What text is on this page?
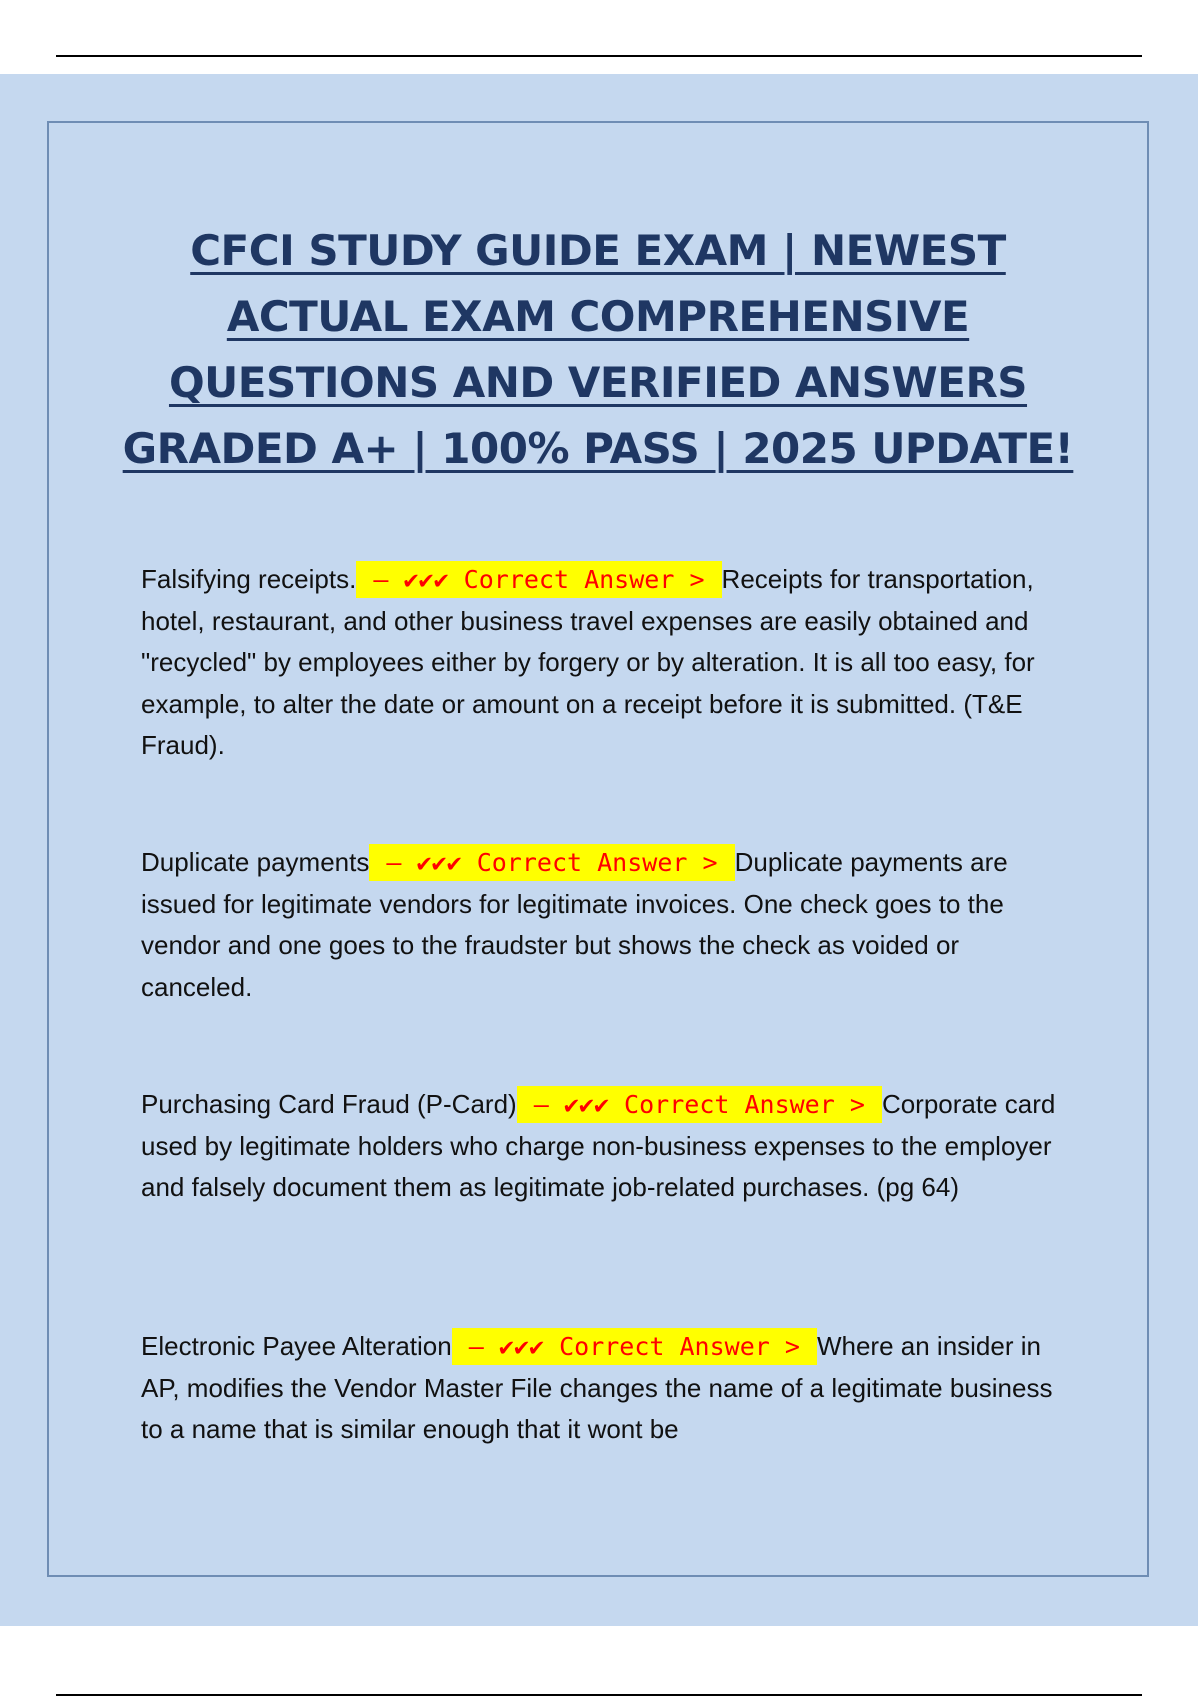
CFCI STUDY GUIDE EXAM | NEWEST ACTUAL EXAM COMPREHENSIVE QUESTIONS AND VERIFIED ANSWERS GRADED A+ | 100% PASS | 2025 UPDATE!

Falsifying receipts. – ✔✔✔ Correct Answer > Receipts for transportation, hotel, restaurant, and other business travel expenses are easily obtained and "recycled" by employees either by forgery or by alteration. It is all too easy, for example, to alter the date or amount on a receipt before it is submitted. (T&E Fraud).

Duplicate payments – ✔✔✔ Correct Answer > Duplicate payments are issued for legitimate vendors for legitimate invoices. One check goes to the vendor and one goes to the fraudster but shows the check as voided or canceled.

Purchasing Card Fraud (P-Card) – ✔✔✔ Correct Answer > Corporate card used by legitimate holders who charge non-business expenses to the employer and falsely document them as legitimate job-related purchases. (pg 64)

Electronic Payee Alteration – ✔✔✔ Correct Answer > Where an insider in AP, modifies the Vendor Master File changes the name of a legitimate business to a name that is similar enough that it wont be
